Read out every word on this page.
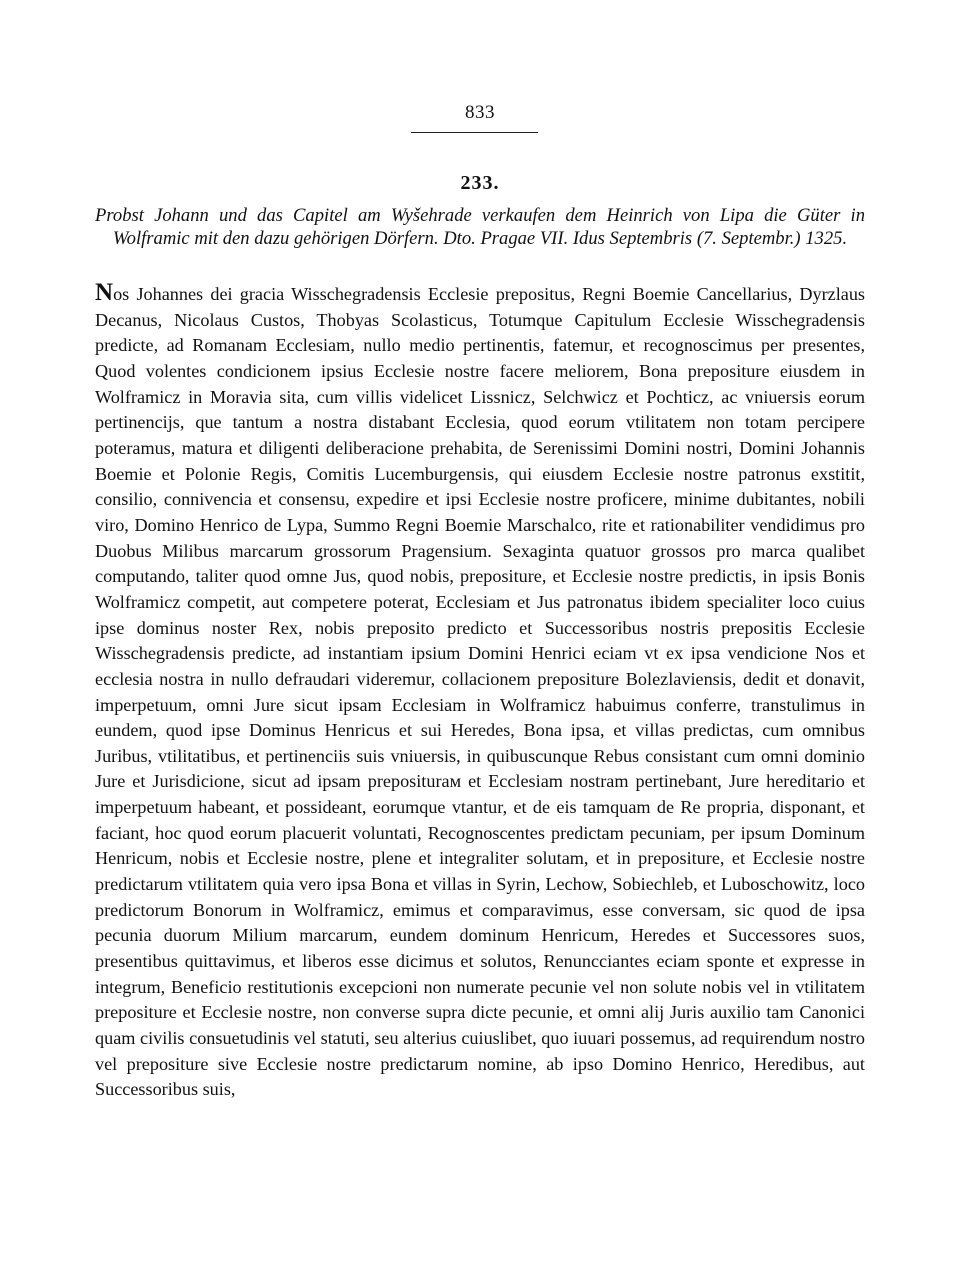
833
233.
Probst Johann und das Capitel am Wyšehrade verkaufen dem Heinrich von Lipa die Güter in Wolframic mit den dazu gehörigen Dörfern. Dto. Pragae VII. Idus Septembris (7. Septembr.) 1325.
Nos Johannes dei gracia Wisschegradensis Ecclesie prepositus, Regni Boemie Cancellarius, Dyrzlaus Decanus, Nicolaus Custos, Thobyas Scolasticus, Totumque Capitulum Ecclesie Wisschegradensis predicte, ad Romanam Ecclesiam, nullo medio pertinentis, fatemur, et recognoscimus per presentes, Quod volentes condicionem ipsius Ecclesie nostre facere meliorem, Bona prepositure eiusdem in Wolframicz in Moravia sita, cum villis videlicet Lissnicz, Selchwicz et Pochticz, ac vniuersis eorum pertinencijs, que tantum a nostra distabant Ecclesia, quod eorum vtilitatem non totam percipere poteramus, matura et diligenti deliberacione prehabita, de Serenissimi Domini nostri, Domini Johannis Boemie et Polonie Regis, Comitis Lucemburgensis, qui eiusdem Ecclesie nostre patronus exstitit, consilio, connivencia et consensu, expedire et ipsi Ecclesie nostre proficere, minime dubitantes, nobili viro, Domino Henrico de Lypa, Summo Regni Boemie Marschalco, rite et rationabiliter vendidimus pro Duobus Milibus marcarum grossorum Pragensium. Sexaginta quatuor grossos pro marca qualibet computando, taliter quod omne Jus, quod nobis, prepositure, et Ecclesie nostre predictis, in ipsis Bonis Wolframicz competit, aut competere poterat, Ecclesiam et Jus patronatus ibidem specialiter loco cuius ipse dominus noster Rex, nobis preposito predicto et Successoribus nostris prepositis Ecclesie Wisschegradensis predicte, ad instantiam ipsium Domini Henrici eciam vt ex ipsa vendicione Nos et ecclesia nostra in nullo defraudari videremur, collacionem prepositure Bolezlaviensis, dedit et donavit, imperpetuum, omni Jure sicut ipsam Ecclesiam in Wolframicz habuimus conferre, transtulimus in eundem, quod ipse Dominus Henricus et sui Heredes, Bona ipsa, et villas predictas, cum omnibus Juribus, vtilitatibus, et pertinenciis suis vniuersis, in quibuscunque Rebus consistant cum omni dominio Jure et Jurisdicione, sicut ad ipsam prepositurам et Ecclesiam nostram pertinebant, Jure hereditario et imperpetuum habeant, et possideant, eorumque vtantur, et de eis tamquam de Re propria, disponant, et faciant, hoc quod eorum placuerit voluntati, Recognoscentes predictam pecuniam, per ipsum Dominum Henricum, nobis et Ecclesie nostre, plene et integraliter solutam, et in prepositure, et Ecclesie nostre predictarum vtilitatem quia vero ipsa Bona et villas in Syrin, Lechow, Sobiechleb, et Luboschowitz, loco predictorum Bonorum in Wolframicz, emimus et comparavimus, esse conversam, sic quod de ipsa pecunia duorum Milium marcarum, eundem dominum Henricum, Heredes et Successores suos, presentibus quittavimus, et liberos esse dicimus et solutos, Renuncciantes eciam sponte et expresse in integrum, Beneficio restitutionis excepcioni non numerate pecunie vel non solute nobis vel in vtilitatem prepositure et Ecclesie nostre, non converse supra dicte pecunie, et omni alij Juris auxilio tam Canonici quam civilis consuetudinis vel statuti, seu alterius cuiuslibet, quo iuuari possemus, ad requirendum nostro vel prepositure sive Ecclesie nostre predictarum nomine, ab ipso Domino Henrico, Heredibus, aut Successoribus suis,
